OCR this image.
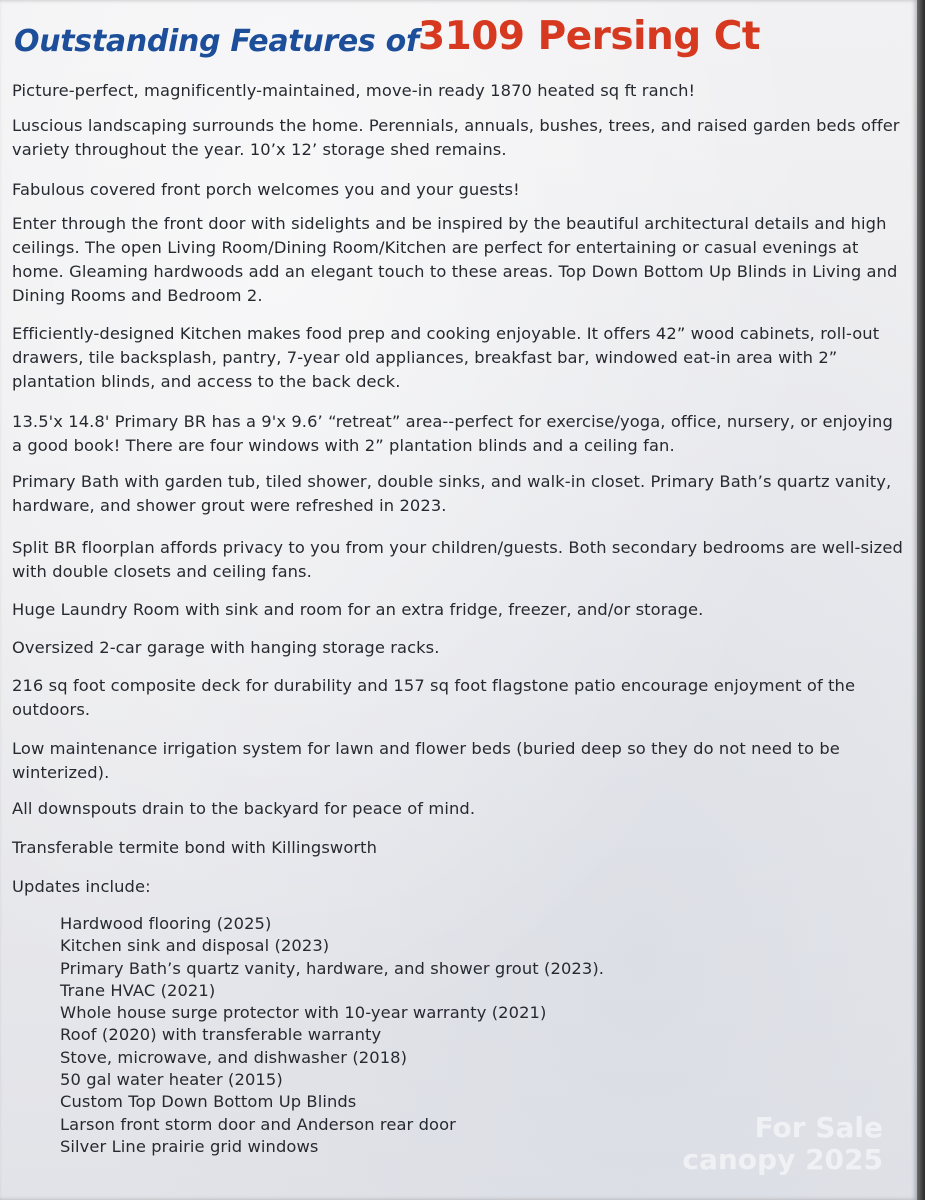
Outstanding Features of 3109 Persing Ct
Picture-perfect, magnificently-maintained, move-in ready 1870 heated sq ft ranch!
Luscious landscaping surrounds the home. Perennials, annuals, bushes, trees, and raised garden beds offer variety throughout the year. 10’x 12’ storage shed remains.
Fabulous covered front porch welcomes you and your guests!
Enter through the front door with sidelights and be inspired by the beautiful architectural details and high ceilings. The open Living Room/Dining Room/Kitchen are perfect for entertaining or casual evenings at home. Gleaming hardwoods add an elegant touch to these areas. Top Down Bottom Up Blinds in Living and Dining Rooms and Bedroom 2.
Efficiently-designed Kitchen makes food prep and cooking enjoyable. It offers 42” wood cabinets, roll-out drawers, tile backsplash, pantry, 7-year old appliances, breakfast bar, windowed eat-in area with 2” plantation blinds, and access to the back deck.
13.5'x 14.8' Primary BR has a 9'x 9.6’ “retreat” area--perfect for exercise/yoga, office, nursery, or enjoying a good book! There are four windows with 2” plantation blinds and a ceiling fan.
Primary Bath with garden tub, tiled shower, double sinks, and walk-in closet. Primary Bath’s quartz vanity, hardware, and shower grout were refreshed in 2023.
Split BR floorplan affords privacy to you from your children/guests. Both secondary bedrooms are well-sized with double closets and ceiling fans.
Huge Laundry Room with sink and room for an extra fridge, freezer, and/or storage.
Oversized 2-car garage with hanging storage racks.
216 sq foot composite deck for durability and 157 sq foot flagstone patio encourage enjoyment of the outdoors.
Low maintenance irrigation system for lawn and flower beds (buried deep so they do not need to be winterized).
All downspouts drain to the backyard for peace of mind.
Transferable termite bond with Killingsworth
Updates include:
Hardwood flooring (2025)
Kitchen sink and disposal (2023)
Primary Bath’s quartz vanity, hardware, and shower grout (2023).
Trane HVAC (2021)
Whole house surge protector with 10-year warranty (2021)
Roof (2020) with transferable warranty
Stove, microwave, and dishwasher (2018)
50 gal water heater (2015)
Custom Top Down Bottom Up Blinds
Larson front storm door and Anderson rear door
Silver Line prairie grid windows
For Sale
canopy 2025
